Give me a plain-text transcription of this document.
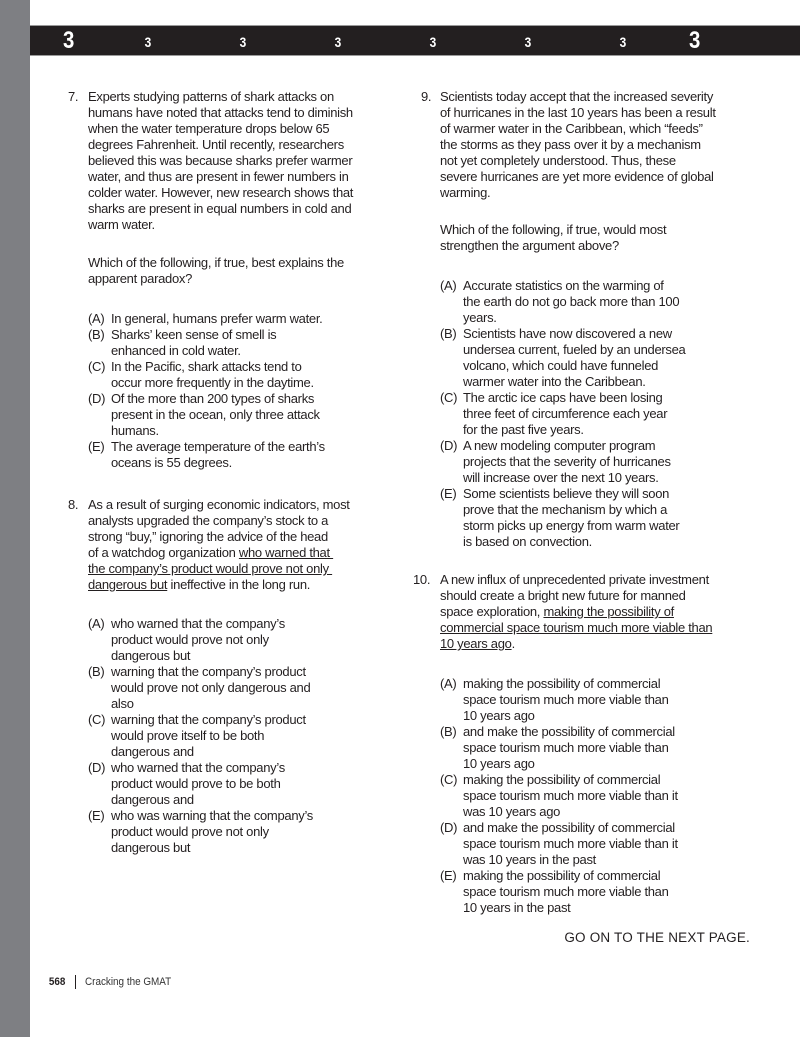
3	3	3	3	3	3	3	3
7. Experts studying patterns of shark attacks on
humans have noted that attacks tend to diminish
when the water temperature drops below 65
degrees Fahrenheit. Until recently, researchers
believed this was because sharks prefer warmer
water, and thus are present in fewer numbers in
colder water. However, new research shows that
sharks are present in equal numbers in cold and
warm water.
Which of the following, if true, best explains the
apparent paradox?
(A) In general, humans prefer warm water.
(B) Sharks’ keen sense of smell is
enhanced in cold water.
(C) In the Pacific, shark attacks tend to
occur more frequently in the daytime.
(D) Of the more than 200 types of sharks
present in the ocean, only three attack
humans.
(E) The average temperature of the earth’s
oceans is 55 degrees.
8. As a result of surging economic indicators, most
analysts upgraded the company’s stock to a
strong “buy,” ignoring the advice of the head
of a watchdog organization who warned that
the company’s product would prove not only
dangerous but ineffective in the long run.
(A) who warned that the company’s
product would prove not only
dangerous but
(B) warning that the company’s product
would prove not only dangerous and
also
(C) warning that the company’s product
would prove itself to be both
dangerous and
(D) who warned that the company’s
product would prove to be both
dangerous and
(E) who was warning that the company’s
product would prove not only
dangerous but
9. Scientists today accept that the increased severity
of hurricanes in the last 10 years has been a result
of warmer water in the Caribbean, which “feeds”
the storms as they pass over it by a mechanism
not yet completely understood. Thus, these
severe hurricanes are yet more evidence of global
warming.
Which of the following, if true, would most
strengthen the argument above?
(A) Accurate statistics on the warming of
the earth do not go back more than 100
years.
(B) Scientists have now discovered a new
undersea current, fueled by an undersea
volcano, which could have funneled
warmer water into the Caribbean.
(C) The arctic ice caps have been losing
three feet of circumference each year
for the past five years.
(D) A new modeling computer program
projects that the severity of hurricanes
will increase over the next 10 years.
(E) Some scientists believe they will soon
prove that the mechanism by which a
storm picks up energy from warm water
is based on convection.
10. A new influx of unprecedented private investment
should create a bright new future for manned
space exploration, making the possibility of
commercial space tourism much more viable than
10 years ago.
(A) making the possibility of commercial
space tourism much more viable than
10 years ago
(B) and make the possibility of commercial
space tourism much more viable than
10 years ago
(C) making the possibility of commercial
space tourism much more viable than it
was 10 years ago
(D) and make the possibility of commercial
space tourism much more viable than it
was 10 years in the past
(E) making the possibility of commercial
space tourism much more viable than
10 years in the past
GO ON TO THE NEXT PAGE.
568 Cracking the GMAT
